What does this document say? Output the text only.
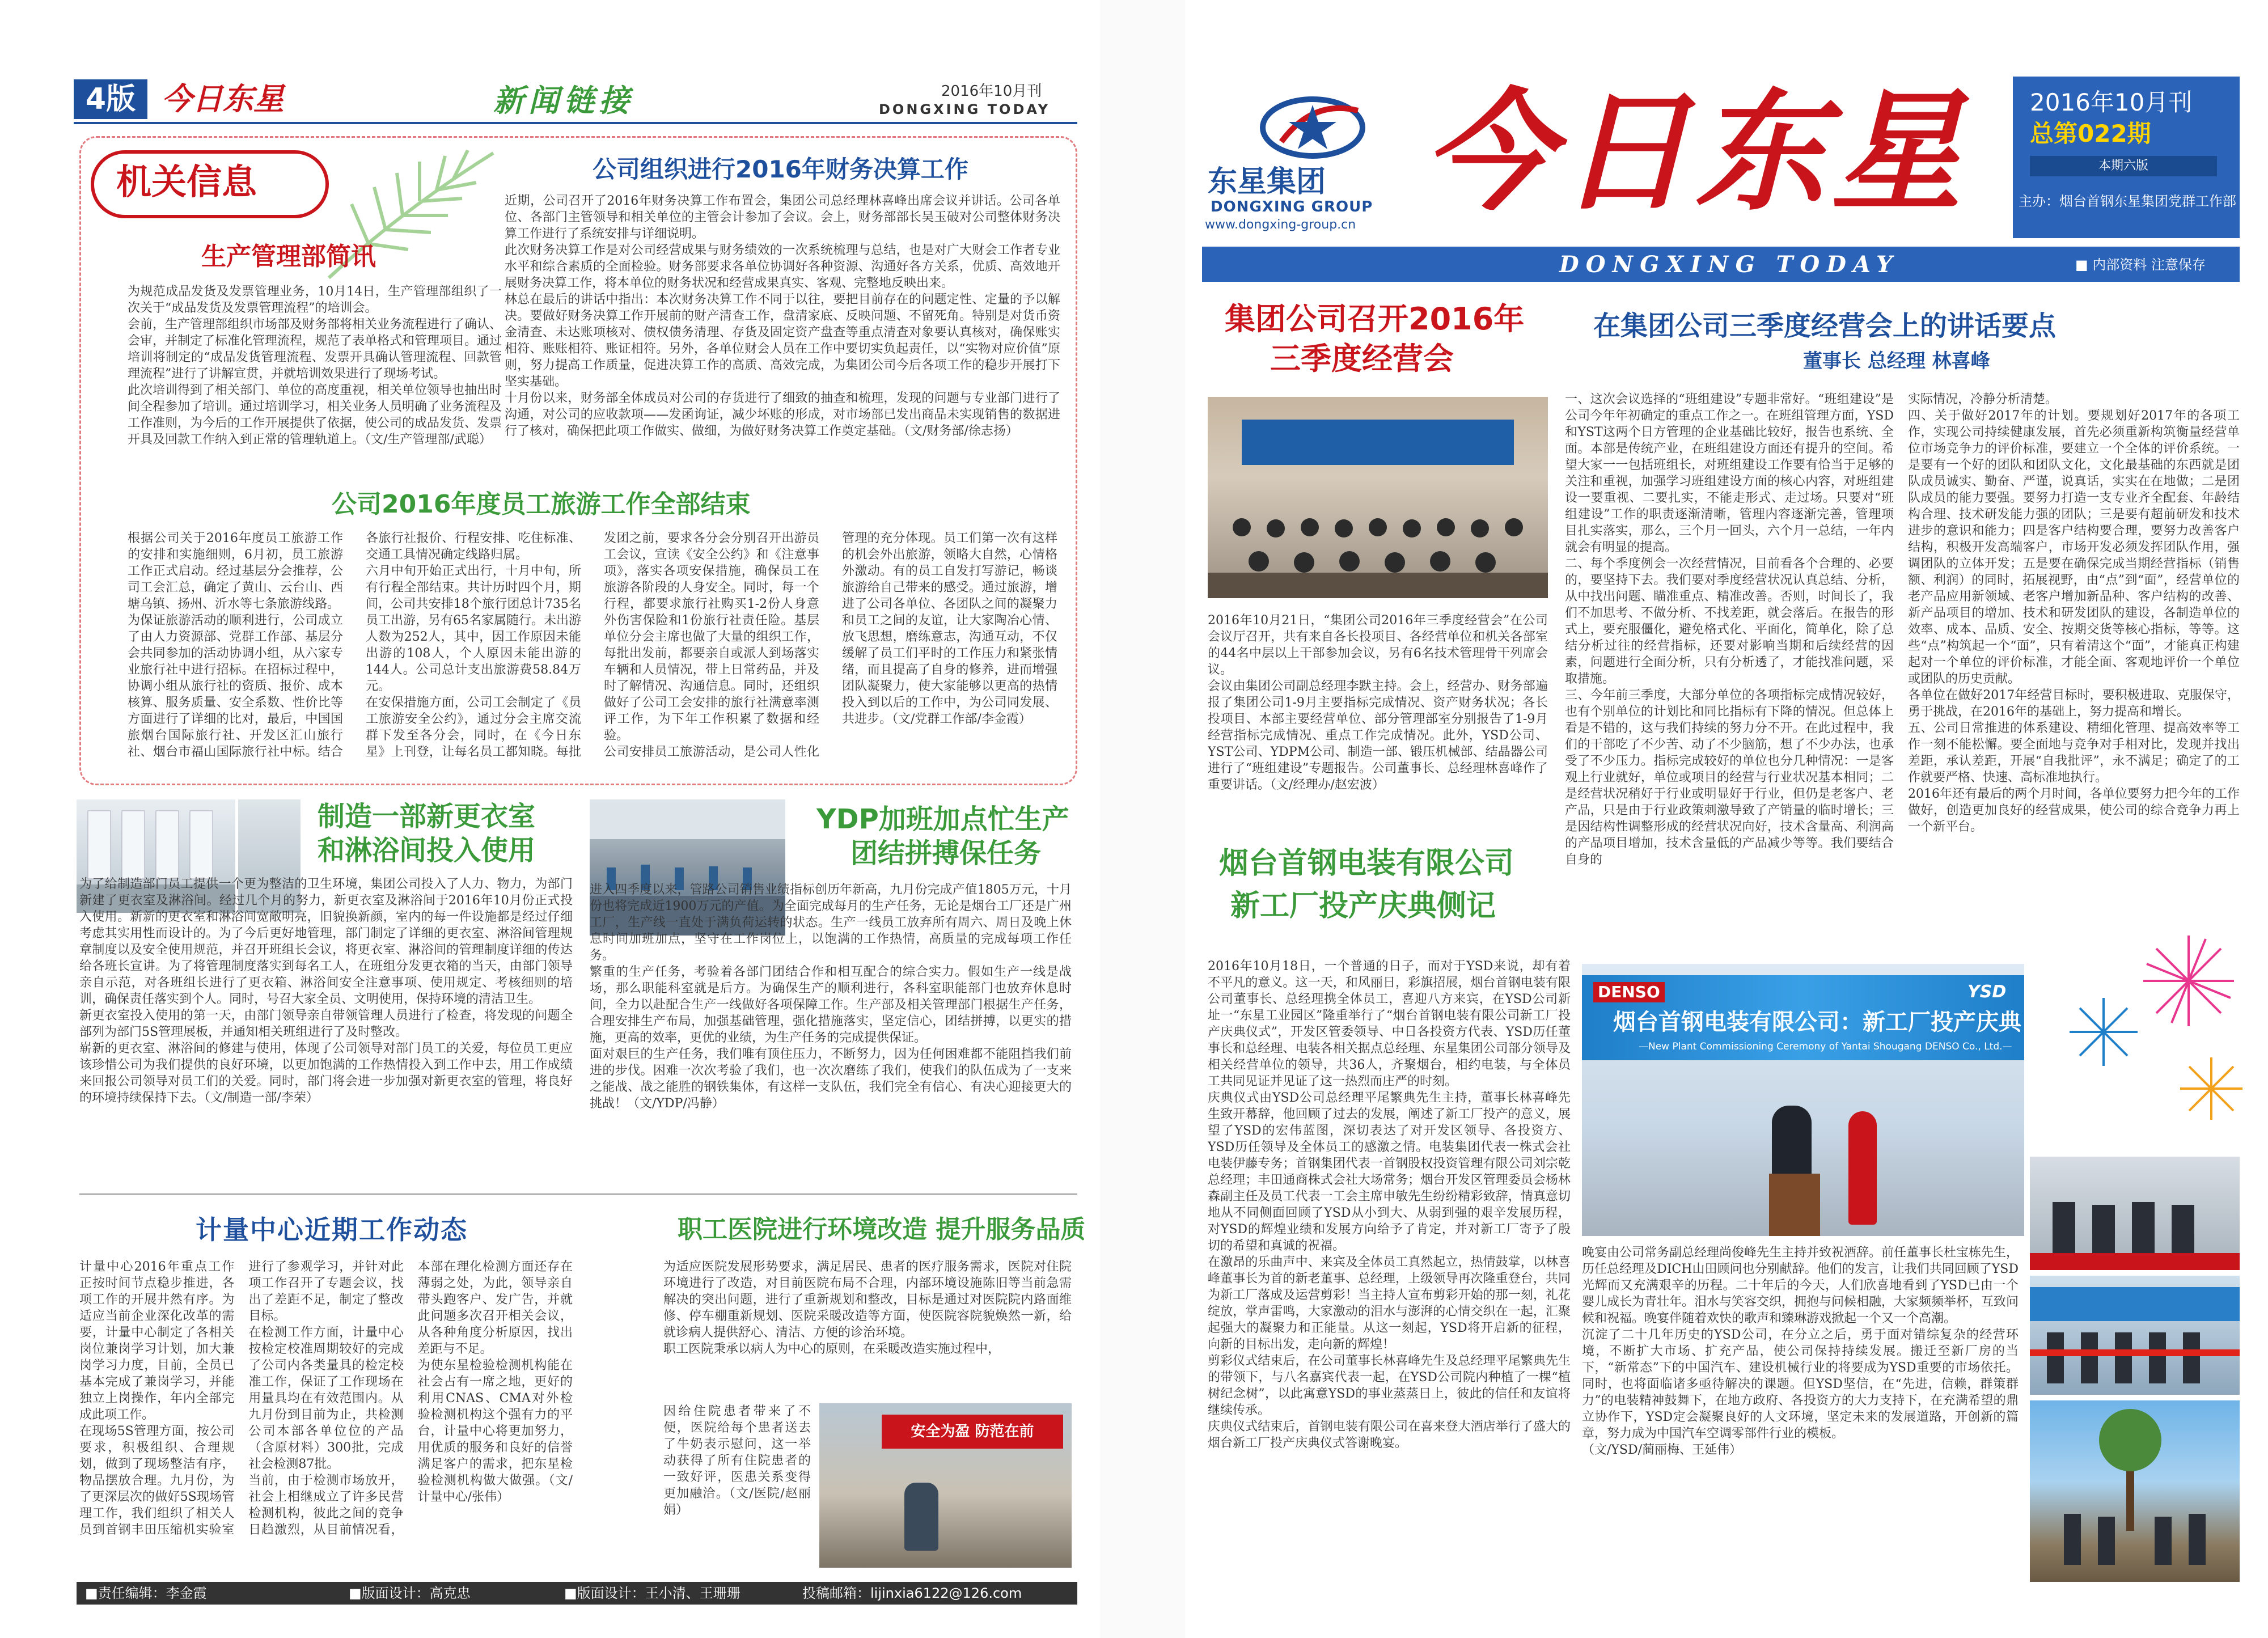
4版 今日东星	新闻链接	2016年10月刊
DONGXING TODAY
机关信息
生产管理部简讯
为规范成品发货及发票管理业务，10月14日，生产管理部组织了一次关于“成品发货及发票管理流程”的培训会。
会前，生产管理部组织市场部及财务部将相关业务流程进行了确认、会审，并制定了标准化管理流程，规范了表单格式和管理项目。通过培训将制定的“成品发货管理流程、发票开具确认管理流程、回款管理流程”进行了讲解宣贯，并就培训效果进行了现场考试。
此次培训得到了相关部门、单位的高度重视，相关单位领导也抽出时间全程参加了培训。通过培训学习，相关业务人员明确了业务流程及工作准则，为今后的工作开展提供了依据，使公司的成品发货、发票开具及回款工作纳入到正常的管理轨道上。（文/生产管理部/武聪）
公司组织进行2016年财务决算工作
近期，公司召开了2016年财务决算工作布置会，集团公司总经理林喜峰出席会议并讲话。公司各单位、各部门主管领导和相关单位的主管会计参加了会议。会上，财务部部长吴玉破对公司整体财务决算工作进行了系统安排与详细说明。
此次财务决算工作是对公司经营成果与财务绩效的一次系统梳理与总结，也是对广大财会工作者专业水平和综合素质的全面检验。财务部要求各单位协调好各种资源、沟通好各方关系，优质、高效地开展财务决算工作，将本单位的财务状况和经营成果真实、客观、完整地反映出来。
林总在最后的讲话中指出：本次财务决算工作不同于以往，要把目前存在的问题定性、定量的予以解决。要做好财务决算工作开展前的财产清查工作，盘清家底、反映问题、不留死角。特别是对货币资金清查、未达账项核对、债权债务清理、存货及固定资产盘查等重点清查对象要认真核对，确保账实相符、账账相符、账证相符。另外，各单位财会人员在工作中要切实负起责任，以“实物对应价值”原则，努力提高工作质量，促进决算工作的高质、高效完成，为集团公司今后各项工作的稳步开展打下坚实基础。
十月份以来，财务部全体成员对公司的存货进行了细致的抽查和梳理，发现的问题与专业部门进行了沟通，对公司的应收款项——发函询证，减少坏账的形成，对市场部已发出商品未实现销售的数据进行了核对，确保把此项工作做实、做细，为做好财务决算工作奠定基础。（文/财务部/徐志扬）
公司2016年度员工旅游工作全部结束
根据公司关于2016年度员工旅游工作的安排和实施细则，6月初，员工旅游工作正式启动。经过基层分会推荐，公司工会汇总，确定了黄山、云台山、西塘乌镇、扬州、沂水等七条旅游线路。
为保证旅游活动的顺利进行，公司成立了由人力资源部、党群工作部、基层分会共同参加的活动协调小组，从六家专业旅行社中进行招标。在招标过程中，协调小组从旅行社的资质、报价、成本核算、服务质量、安全系数、性价比等方面进行了详细的比对，最后，中国国旅烟台国际旅行社、开发区汇山旅行社、烟台市福山国际旅行社中标。结合各旅行社报价、行程安排、吃住标准、交通工具情况确定线路归属。
六月中旬开始正式出行，十月中旬，所有行程全部结束。共计历时四个月，期间，公司共安排18个旅行团总计735名员工出游，另有65名家属随行。未出游人数为252人，其中，因工作原因未能出游的108人，个人原因未能出游的144人。公司总计支出旅游费58.84万元。
在安保措施方面，公司工会制定了《员工旅游安全公约》，通过分会主席交流群下发至各分会，同时，在《今日东星》上刊登，让每名员工都知晓。每批发团之前，要求各分会分别召开出游员工会议，宣读《安全公约》和《注意事项》，落实各项安保措施，确保员工在旅游各阶段的人身安全。同时，每一个行程，都要求旅行社购买1-2份人身意外伤害保险和1份旅行社责任险。基层单位分会主席也做了大量的组织工作，每批出发前，都要亲自或派人到场落实车辆和人员情况，带上日常药品，并及时了解情况、沟通信息。同时，还组织做好了公司工会安排的旅行社满意率测评工作，为下年工作积累了数据和经验。
公司安排员工旅游活动，是公司人性化管理的充分体现。员工们第一次有这样的机会外出旅游，领略大自然，心情格外激动。有的员工自发打写游记，畅谈旅游给自己带来的感受。通过旅游，增进了公司各单位、各团队之间的凝聚力和员工之间的友谊，让大家陶冶心情、放飞思想，磨练意志，沟通互动，不仅缓解了员工们平时的工作压力和紧张情绪，而且提高了自身的修养，进而增强团队凝聚力，使大家能够以更高的热情投入到以后的工作中，为公司同发展、共进步。（文/党群工作部/李金霞）
制造一部新更衣室
和淋浴间投入使用
为了给制造部门员工提供一个更为整洁的卫生环境，集团公司投入了人力、物力，为部门新建了更衣室及淋浴间。经过几个月的努力，新更衣室及淋浴间于2016年10月份正式投入使用。新新的更衣室和淋浴间宽敞明亮，旧貌换新颜，室内的每一件设施都是经过仔细考虑其实用性而设计的。为了今后更好地管理，部门制定了详细的更衣室、淋浴间管理规章制度以及安全使用规范，并召开班组长会议，将更衣室、淋浴间的管理制度详细的传达给各班长宣讲。为了将管理制度落实到每名工人，在班组分发更衣箱的当天，由部门领导亲自示范，对各班组长进行了更衣箱、淋浴间安全注意事项、使用规定、考核细则的培训，确保责任落实到个人。同时，号召大家全员、文明使用，保持环境的清洁卫生。
新更衣室投入使用的第一天，由部门领导亲自带领管理人员进行了检查，将发现的问题全部列为部门5S管理展板，并通知相关班组进行了及时整改。
崭新的更衣室、淋浴间的修建与使用，体现了公司领导对部门员工的关爱，每位员工更应该珍惜公司为我们提供的良好环境，以更加饱满的工作热情投入到工作中去，用工作成绩来回报公司领导对员工们的关爱。同时，部门将会进一步加强对新更衣室的管理，将良好的环境持续保持下去。（文/制造一部/李荣）
YDP加班加点忙生产
团结拼搏保任务
进入四季度以来，管路公司销售业绩指标创历年新高，九月份完成产值1805万元，十月份也将完成近1900万元的产值。为全面完成每月的生产任务，无论是烟台工厂还是广州工厂，生产线一直处于满负荷运转的状态。生产一线员工放弃所有周六、周日及晚上休息时间加班加点，坚守在工作岗位上，以饱满的工作热情，高质量的完成每项工作任务。
繁重的生产任务，考验着各部门团结合作和相互配合的综合实力。假如生产一线是战场，那么职能科室就是后方。为确保生产的顺利进行，各科室职能部门也放弃休息时间，全力以赴配合生产一线做好各项保障工作。生产部及相关管理部门根据生产任务，合理安排生产布局，加强基础管理，强化措施落实，坚定信心，团结拼搏，以更实的措施，更高的效率，更优的业绩，为生产任务的完成提供保证。
面对艰巨的生产任务，我们唯有顶住压力，不断努力，因为任何困难都不能阻挡我们前进的步伐。困难一次次考验了我们，也一次次磨练了我们，使我们的队伍成为了一支来之能战、战之能胜的钢铁集体，有这样一支队伍，我们完全有信心、有决心迎接更大的挑战！（文/YDP/冯静）
计量中心近期工作动态
计量中心2016年重点工作正按时间节点稳步推进，各项工作的开展井然有序。为适应当前企业深化改革的需要，计量中心制定了各相关岗位兼岗学习计划，加大兼岗学习力度，目前，全员已基本完成了兼岗学习，并能独立上岗操作，年内全部完成此项工作。
在现场5S管理方面，按公司要求，积极组织、合理规划，做到了现场整洁有序，物品摆放合理。九月份，为了更深层次的做好5S现场管理工作，我们组织了相关人员到首钢丰田压缩机实验室进行了参观学习，并针对此项工作召开了专题会议，找出了差距不足，制定了整改目标。
在检测工作方面，计量中心按检定校准周期较好的完成了公司内各类量具的检定校准工作，保证了工作现场在用量具均在有效范围内。从九月份到目前为止，共检测公司本部各单位位的产品（含原材料）300批，完成社会检测87批。
当前，由于检测市场放开，社会上相继成立了许多民营检测机构，彼此之间的竞争日趋激烈，从目前情况看，本部在理化检测方面还存在薄弱之处，为此，领导亲自带头跑客户、发广告，并就此问题多次召开相关会议，从各种角度分析原因，找出差距与不足。
为使东星检验检测机构能在社会占有一席之地，更好的利用CNAS、CMA对外检验检测机构这个强有力的平台，计量中心将更加努力，用优质的服务和良好的信誉满足客户的需求，把东星检验检测机构做大做强。（文/计量中心/张伟）
职工医院进行环境改造 提升服务品质
为适应医院发展形势要求，满足居民、患者的医疗服务需求，医院对住院环境进行了改造，对目前医院布局不合理，内部环境设施陈旧等当前急需解决的突出问题，进行了重新规划和整改，目标是通过对医院院内路面维修、停车棚重新规划、医院采暖改造等方面，使医院容院貌焕然一新，给就诊病人提供舒心、清洁、方便的诊治环境。
职工医院秉承以病人为中心的原则，在采暖改造实施过程中，
因给住院患者带来了不便，医院给每个患者送去了牛奶表示慰问，这一举动获得了所有住院患者的一致好评，医患关系变得更加融洽。（文/医院/赵丽娟）
安全为盈 防范在前
■责任编辑：李金霞	■版面设计：高克忠	■版面设计：王小清、王珊珊	投稿邮箱：lijinxia6122@126.com
东星集团
DONGXING GROUP
www.dongxing-group.cn 今日东星	2016年10月刊
总第022期
本期六版
主办：烟台首钢东星集团党群工作部
DONGXING TODAY	■ 内部资料 注意保存
集团公司召开2016年
三季度经营会
2016年10月21日，“集团公司2016年三季度经营会”在公司会议厅召开，共有来自各长投项目、各经营单位和机关各部室的44名中层以上干部参加会议，另有6名技术管理骨干列席会议。
会议由集团公司副总经理李默主持。会上，经营办、财务部遍报了集团公司1-9月主要指标完成情况、资产财务状况；各长投项目、本部主要经营单位、部分管理部室分别报告了1-9月经营指标完成情况、重点工作完成情况。此外，YSD公司、YST公司、YDPM公司、制造一部、锻压机械部、结晶器公司进行了“班组建设”专题报告。公司董事长、总经理林喜峰作了重要讲话。（文/经理办/赵宏波）
在集团公司三季度经营会上的讲话要点
董事长 总经理 林喜峰
一、这次会议选择的“班组建设”专题非常好。“班组建设”是公司今年年初确定的重点工作之一。在班组管理方面，YSD和YST这两个日方管理的企业基础比较好，报告也系统、全面。本部是传统产业，在班组建设方面还有提升的空间。希望大家一一包括班组长，对班组建设工作要有恰当于足够的关注和重视，加强学习班组建设方面的核心内容，对班组建设一要重视、二要扎实，不能走形式、走过场。只要对“班组建设”工作的职责逐渐清晰，管理内容逐渐完善，管理项目扎实落实，那么，三个月一回头，六个月一总结，一年内就会有明显的提高。
二、每个季度例会一次经营情况，目前看各个合理的、必要的，要坚持下去。我们要对季度经营状况认真总结、分析，从中找出问题、瞄准重点、精准改善。否则，时间长了，我们不加思考、不做分析、不找差距，就会落后。在报告的形式上，要充服僵化，避免格式化、平面化，简单化，除了总结分析过往的经营指标，还要对影响当期和后续经营的因素，问题进行全面分析，只有分析透了，才能找准问题，采取措施。
三、今年前三季度，大部分单位的各项指标完成情况较好，也有个别单位的计划比和同比指标有下降的情况。但总体上看是不错的，这与我们持续的努力分不开。在此过程中，我们的干部吃了不少苦、动了不少脑筋，想了不少办法，也承受了不少压力。指标完成较好的单位也分几种情况：一是客观上行业就好，单位或项目的经营与行业状况基本相同；二是经营状况稍好于行业或明显好于行业，但仍是老客户、老产品，只是由于行业政策刺激导致了产销量的临时增长；三是因结构性调整形成的经营状况向好，技术含量高、利润高的产品项目增加，技术含量低的产品减少等等。我们要结合自身的
实际情况，冷静分析清楚。
四、关于做好2017年的计划。要规划好2017年的各项工作，实现公司持续健康发展，首先必须重新构筑衡量经营单位市场竞争力的评价标准，要建立一个全体的评价系统。一是要有一个好的团队和团队文化，文化最基础的东西就是团队成员诚实、勤奋、严谨，说真话，实实在在地做；二是团队成员的能力要强。要努力打造一支专业齐全配套、年龄结构合理、技术研发能力强的团队；三是要有超前研发和技术进步的意识和能力；四是客户结构要合理，要努力改善客户结构，积极开发高端客户，市场开发必须发挥团队作用，强调团队的立体开发；五是要在确保完成当期经营指标（销售额、利润）的同时，拓展视野，由“点”到“面”，经营单位的老产品应用新领域、老客户增加新品种、客户结构的改善、新产品项目的增加、技术和研发团队的建设，各制造单位的效率、成本、品质、安全、按期交货等核心指标，等等。这些“点”构筑起一个“面”，只有着清这个“面”，才能真正构建起对一个单位的评价标准，才能全面、客观地评价一个单位或团队的历史贡献。
各单位在做好2017年经营目标时，要积极进取、克服保守，勇于挑战，在2016年的基础上，努力提高和增长。
五、公司日常推进的体系建设、精细化管理、提高效率等工作一刻不能松懈。要全面地与竞争对手相对比，发现并找出差距，承认差距，开展“自我批评”，永不满足；确定了的工作就要严格、快速、高标准地执行。
2016年还有最后的两个月时间，各单位要努力把今年的工作做好，创造更加良好的经营成果，使公司的综合竞争力再上一个新平台。
烟台首钢电装有限公司
新工厂投产庆典侧记
2016年10月18日，一个普通的日子，而对于YSD来说，却有着不平凡的意义。这一天，和风丽日，彩旗招展，烟台首钢电装有限公司董事长、总经理携全体员工，喜迎八方来宾，在YSD公司新址一“东星工业园区”隆重举行了“烟台首钢电装有限公司新工厂投产庆典仪式”，开发区管委领导、中日各投资方代表、YSD历任董事长和总经理、电装各相关据点总经理、东星集团公司部分领导及相关经营单位的领导，共36人，齐聚烟台，相约电装，与全体员工共同见证并见证了这一热烈而庄严的时刻。
庆典仪式由YSD公司总经理平尾繁典先生主持，董事长林喜峰先生致开幕辞，他回顾了过去的发展，阐述了新工厂投产的意义，展望了YSD的宏伟蓝图，深切表达了对开发区领导、各投资方、YSD历任领导及全体员工的感激之情。电装集团代表一株式会社电装伊藤专务；首钢集团代表一首钢股权投资管理有限公司刘宗乾总经理；丰田通商株式会社大场常务；烟台开发区管理委员会杨林森副主任及员工代表一工会主席申敏先生纷纷精彩致辞，情真意切地从不同侧面回顾了YSD从小到大、从弱到强的艰辛发展历程，对YSD的辉煌业绩和发展方向给予了肯定，并对新工厂寄予了殷切的希望和真诚的祝福。
在激昂的乐曲声中、来宾及全体员工真然起立，热情鼓掌，以林喜峰董事长为首的新老董事、总经理，上级领导再次隆重登台，共同为新工厂落成及运营剪彩！当主持人宣布剪彩开始的那一刻，礼花绽放，掌声雷鸣，大家激动的泪水与澎湃的心情交织在一起，汇聚起强大的凝聚力和正能量。从这一刻起，YSD将开启新的征程，向新的目标出发，走向新的辉煌！
剪彩仪式结束后，在公司董事长林喜峰先生及总经理平尾繁典先生的带领下，与八名嘉宾代表一起，在YSD公司院内种植了一棵“植树纪念树”，以此寓意YSD的事业蒸蒸日上，彼此的信任和友谊将继续传承。
庆典仪式结束后，首钢电装有限公司在喜来登大酒店举行了盛大的烟台新工厂投产庆典仪式答谢晚宴。
DENSO	YSD
烟台首钢电装有限公司：新工厂投产庆典
—New Plant Commissioning Ceremony of Yantai Shougang DENSO Co., Ltd.—
晚宴由公司常务副总经理尚俊峰先生主持并致祝酒辞。前任董事长杜宝栋先生，历任总经理及DICH山田顾问也分别献辞。他们的发言，让我们共同回顾了YSD光辉而又充满艰辛的历程。二十年后的今天，人们欣喜地看到了YSD已由一个婴儿成长为青壮年。泪水与笑容交织，拥抱与问候相融，大家频频举杯，互致问候和祝福。晚宴伴随着欢快的歌声和臻琳游戏掀起一个又一个高潮。
沉淀了二十几年历史的YSD公司，在分立之后，勇于面对错综复杂的经营环境，不断扩大市场、扩充产品，使公司保持持续发展。搬迁至新厂房的当下，“新常态”下的中国汽车、建设机械行业的将要成为YSD重要的市场依托。同时，也将面临诸多亟待解决的课题。但YSD坚信，在“先进，信赖，群策群力”的电装精神鼓舞下，在地方政府、各投资方的大力支持下，在充满希望的鼎立协作下，YSD定会凝聚良好的人文环境，坚定未来的发展道路，开创新的篇章，努力成为中国汽车空调零部件行业的模板。
（文/YSD/蔺丽梅、王延伟）
